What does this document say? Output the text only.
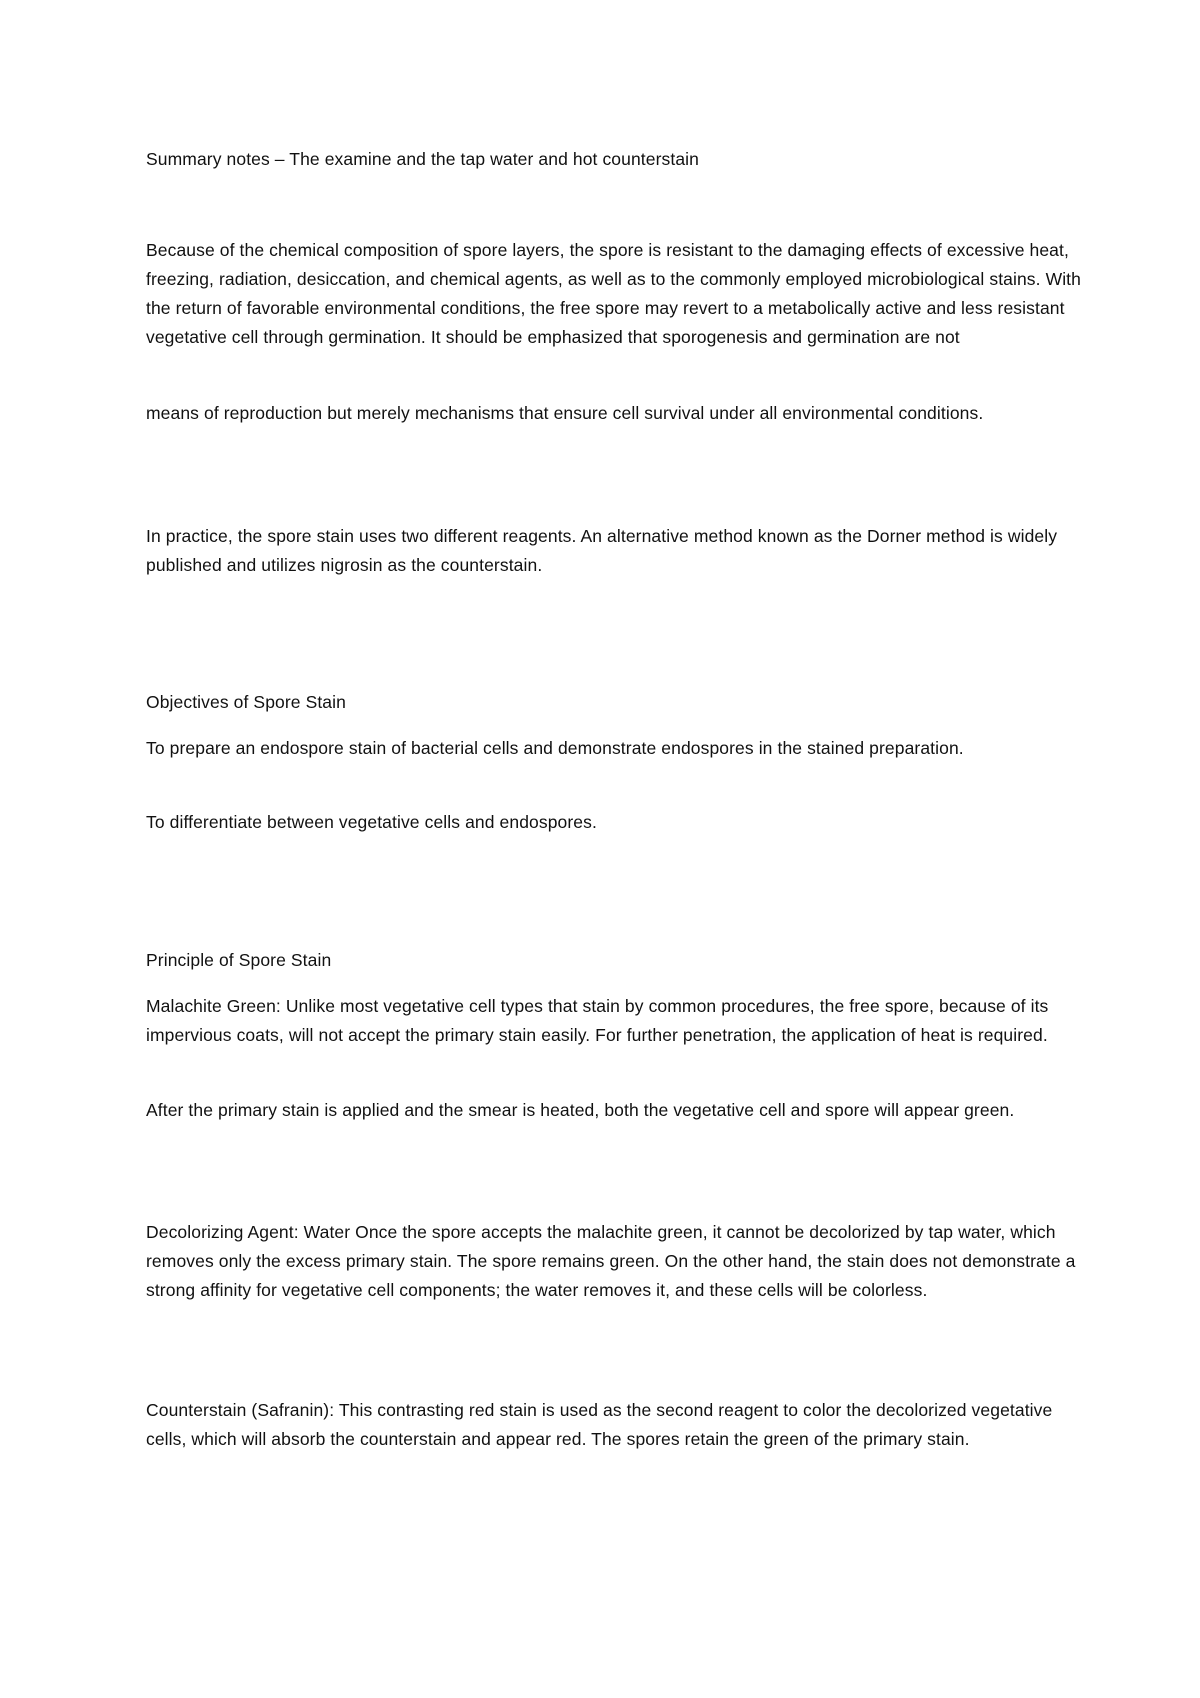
Summary notes – The examine and the tap water and hot counterstain

Because of the chemical composition of spore layers, the spore is resistant to the damaging effects of excessive heat, freezing, radiation, desiccation, and chemical agents, as well as to the commonly employed microbiological stains. With the return of favorable environmental conditions, the free spore may revert to a metabolically active and less resistant vegetative cell through germination. It should be emphasized that sporogenesis and germination are not

means of reproduction but merely mechanisms that ensure cell survival under all environmental conditions.

In practice, the spore stain uses two different reagents. An alternative method known as the Dorner method is widely published and utilizes nigrosin as the counterstain.

Objectives of Spore Stain

To prepare an endospore stain of bacterial cells and demonstrate endospores in the stained preparation.

To differentiate between vegetative cells and endospores.

Principle of Spore Stain

Malachite Green: Unlike most vegetative cell types that stain by common procedures, the free spore, because of its impervious coats, will not accept the primary stain easily. For further penetration, the application of heat is required.

After the primary stain is applied and the smear is heated, both the vegetative cell and spore will appear green.

Decolorizing Agent: Water Once the spore accepts the malachite green, it cannot be decolorized by tap water, which removes only the excess primary stain. The spore remains green. On the other hand, the stain does not demonstrate a strong affinity for vegetative cell components; the water removes it, and these cells will be colorless.

Counterstain (Safranin): This contrasting red stain is used as the second reagent to color the decolorized vegetative cells, which will absorb the counterstain and appear red. The spores retain the green of the primary stain.
